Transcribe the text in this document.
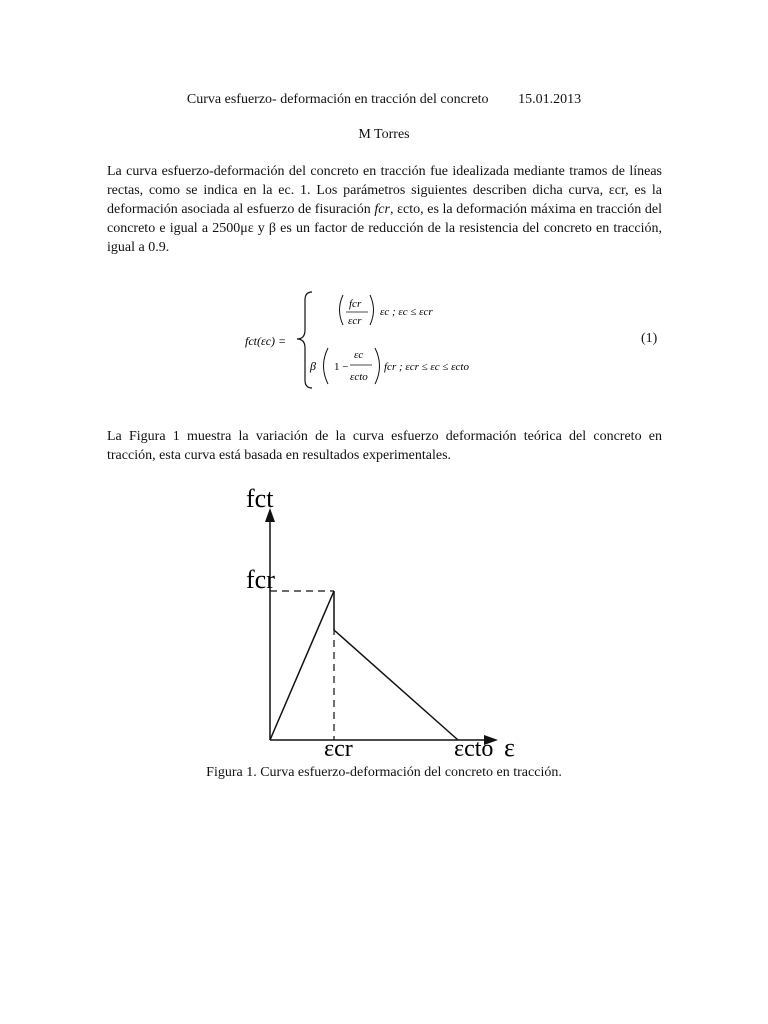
Curva esfuerzo- deformación en tracción del concreto 15.01.2013
M Torres

La curva esfuerzo-deformación del concreto en tracción fue idealizada mediante tramos de líneas rectas, como se indica en la ec. 1. Los parámetros siguientes describen dicha curva, εcr, es la deformación asociada al esfuerzo de fisuración fcr, εcto, es la deformación máxima en tracción del concreto e igual a 2500με y β es un factor de reducción de la resistencia del concreto en tracción, igual a 0.9.

fct(εc) =
fcr
εcr
εc ; εc ≤ εcr
β 1 −
εc
εcto
fcr ; εcr ≤ εc ≤ εcto
(1)

La Figura 1 muestra la variación de la curva esfuerzo deformación teórica del concreto en tracción, esta curva está basada en resultados experimentales.

fct
fcr
εcr	εcto ε
Figura 1. Curva esfuerzo-deformación del concreto en tracción.
